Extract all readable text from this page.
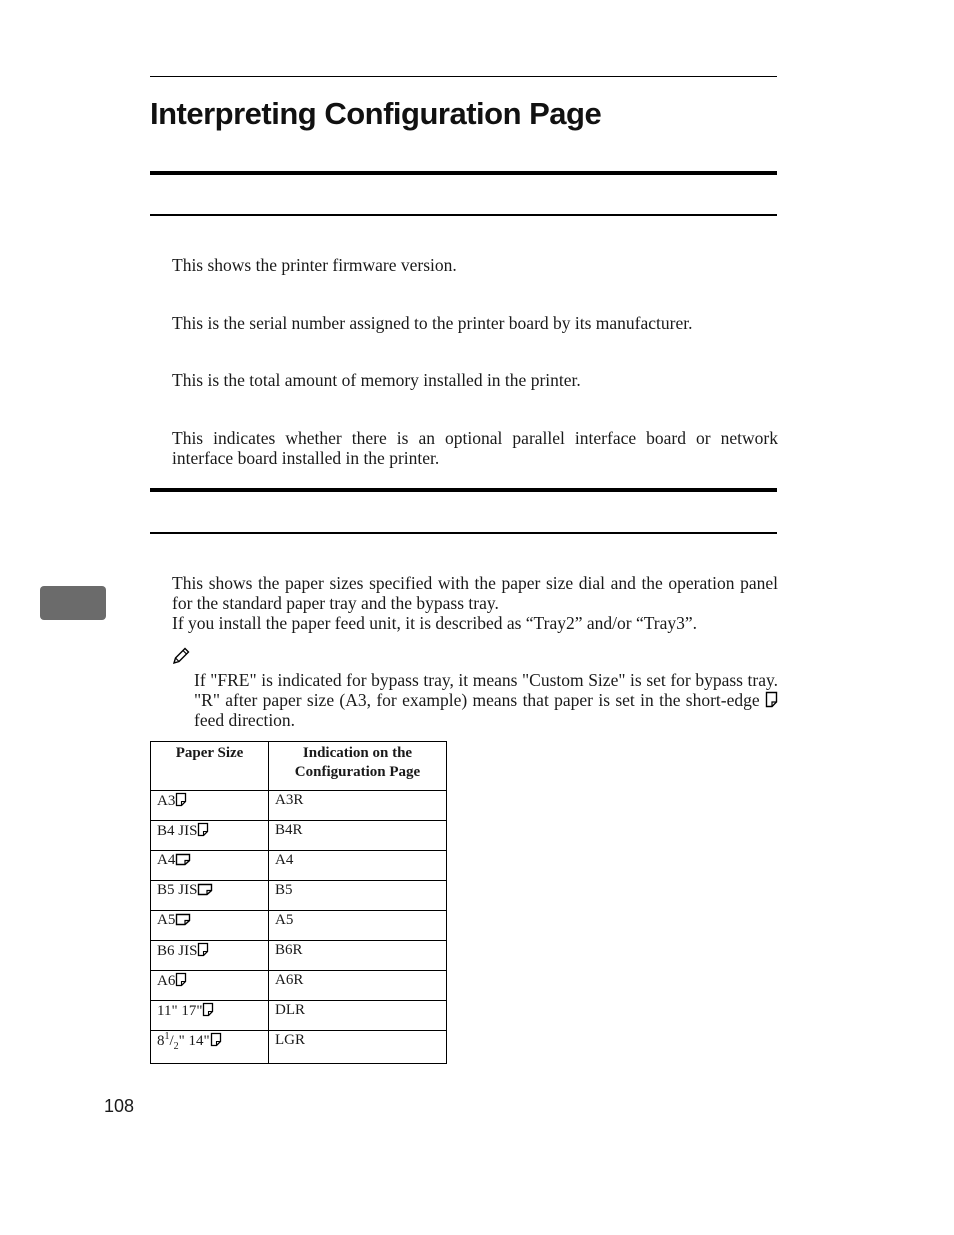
Interpreting Configuration Page
This shows the printer firmware version.
This is the serial number assigned to the printer board by its manufacturer.
This is the total amount of memory installed in the printer.
This indicates whether there is an optional parallel interface board or network interface board installed in the printer.
This shows the paper sizes specified with the paper size dial and the operation panel for the standard paper tray and the bypass tray.
If you install the paper feed unit, it is described as “Tray2” and/or “Tray3”.
If "FRE" is indicated for bypass tray, it means "Custom Size" is set for bypass tray. "R" after paper size (A3, for example) means that paper is set in the short-edge  feed direction.
Paper Size	Indication on the Configuration Page
A3	A3R
B4 JIS	B4R
A4	A4
B5 JIS	B5
A5	A5
B6 JIS	B6R
A6	A6R
11" 17"	DLR
$8^1/_2$" 14"	LGR
108
